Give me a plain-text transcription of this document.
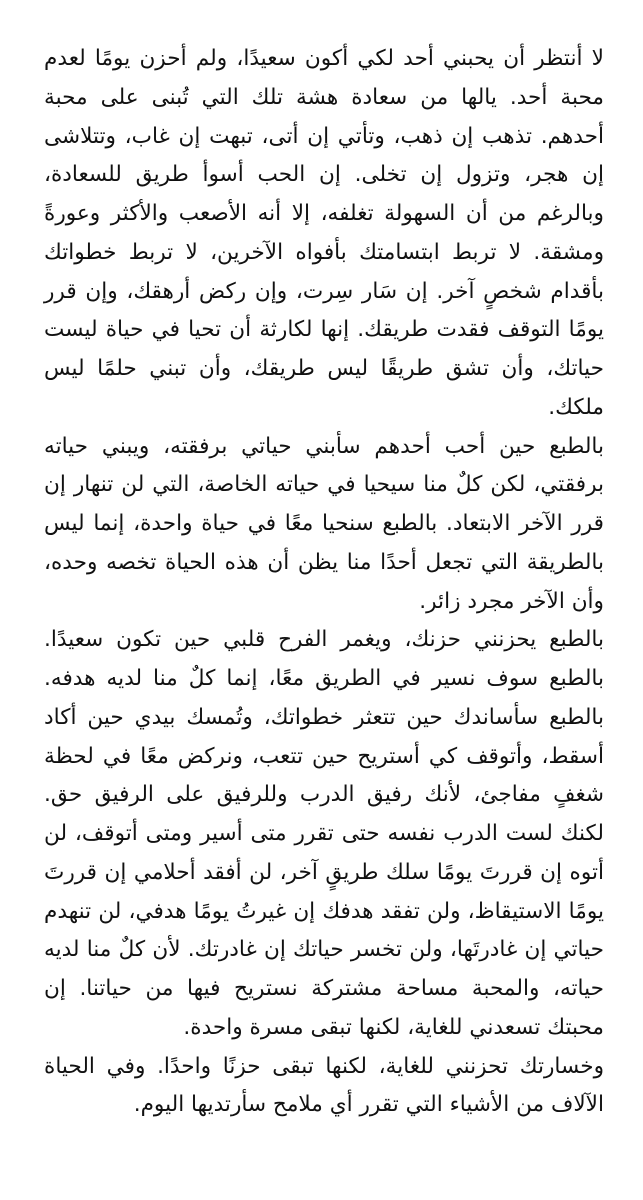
لا أنتظر أن يحبني أحد لكي أكون سعيدًا، ولم أحزن يومًا لعدم محبة أحد. يالها من سعادة هشة تلك التي تُبنى على محبة أحدهم. تذهب إن ذهب، وتأتي إن أتى، تبهت إن غاب، وتتلاشى إن هجر، وتزول إن تخلى. إن الحب أسوأ طريق للسعادة، وبالرغم من أن السهولة تغلفه، إلا أنه الأصعب والأكثر وعورةً ومشقة. لا تربط ابتسامتك بأفواه الآخرين، لا تربط خطواتك بأقدام شخصٍ آخر. إن سَار سِرت، وإن ركض أرهقك، وإن قرر يومًا التوقف فقدت طريقك. إنها لكارثة أن تحيا في حياة ليست حياتك، وأن تشق طريقًا ليس طريقك، وأن تبني حلمًا ليس ملكك.

بالطبع حين أحب أحدهم سأبني حياتي برفقته، ويبني حياته برفقتي، لكن كلٌ منا سيحيا في حياته الخاصة، التي لن تنهار إن قرر الآخر الابتعاد. بالطبع سنحيا معًا في حياة واحدة، إنما ليس بالطريقة التي تجعل أحدًا منا يظن أن هذه الحياة تخصه وحده، وأن الآخر مجرد زائر.

بالطبع يحزنني حزنك، ويغمر الفرح قلبي حين تكون سعيدًا. بالطبع سوف نسير في الطريق معًا، إنما كلٌ منا لديه هدفه. بالطبع سأساندك حين تتعثر خطواتك، وتُمسك بيدي حين أكاد أسقط، وأتوقف كي أستريح حين تتعب، ونركض معًا في لحظة شغفٍ مفاجئ، لأنك رفيق الدرب وللرفيق على الرفيق حق. لكنك لست الدرب نفسه حتى تقرر متى أسير ومتى أتوقف، لن أتوه إن قررتَ يومًا سلك طريقٍ آخر، لن أفقد أحلامي إن قررتَ يومًا الاستيقاظ، ولن تفقد هدفك إن غيرتُ يومًا هدفي، لن تنهدم حياتي إن غادرتَها، ولن تخسر حياتك إن غادرتك. لأن كلٌ منا لديه حياته، والمحبة مساحة مشتركة نستريح فيها من حياتنا. إن محبتك تسعدني للغاية، لكنها تبقى مسرة واحدة.

وخسارتك تحزنني للغاية، لكنها تبقى حزنًا واحدًا. وفي الحياة الآلاف من الأشياء التي تقرر أي ملامح سأرتديها اليوم.
